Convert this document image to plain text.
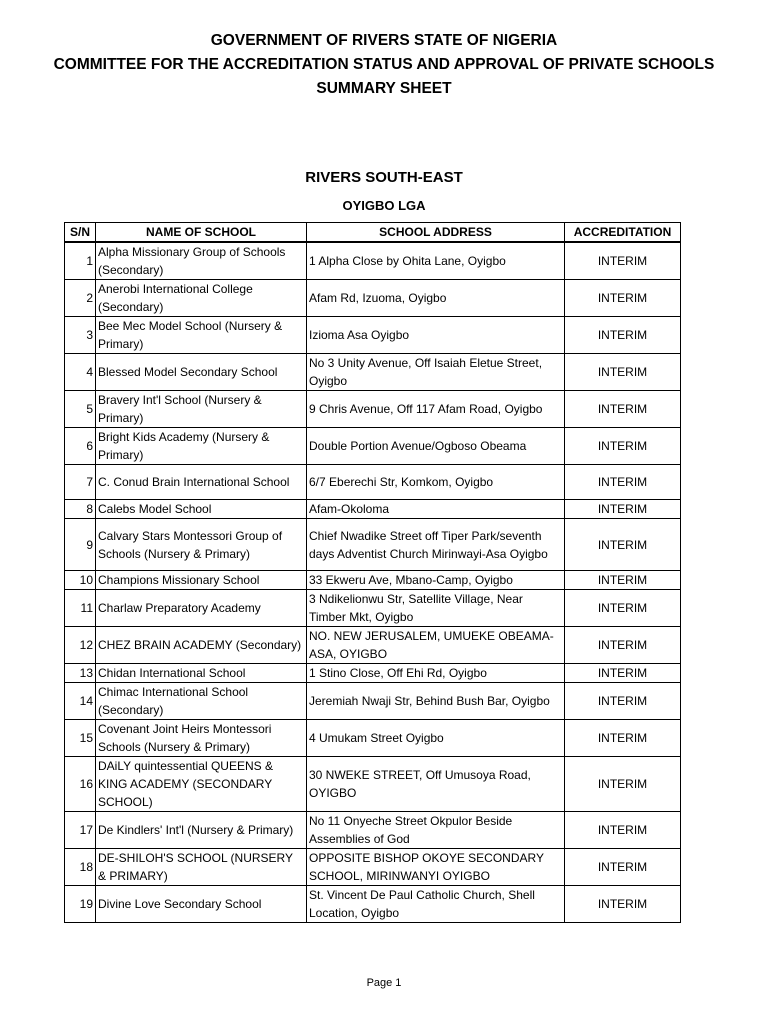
GOVERNMENT OF RIVERS STATE OF NIGERIA
COMMITTEE FOR THE ACCREDITATION STATUS AND APPROVAL OF PRIVATE SCHOOLS
SUMMARY SHEET
RIVERS SOUTH-EAST
OYIGBO LGA
S/N	NAME OF SCHOOL	SCHOOL ADDRESS	ACCREDITATION
1	Alpha Missionary Group of Schools (Secondary)	1 Alpha Close by Ohita Lane, Oyigbo	INTERIM
2	Anerobi International College (Secondary)	Afam Rd, Izuoma, Oyigbo	INTERIM
3	Bee Mec Model School (Nursery & Primary)	Izioma Asa Oyigbo	INTERIM
4	Blessed Model Secondary School	No 3 Unity Avenue, Off Isaiah Eletue Street, Oyigbo	INTERIM
5	Bravery Int'l School (Nursery & Primary)	9 Chris Avenue, Off 117 Afam Road, Oyigbo	INTERIM
6	Bright Kids Academy (Nursery & Primary)	Double Portion Avenue/Ogboso Obeama	INTERIM
7	C. Conud Brain International School	6/7 Eberechi Str, Komkom, Oyigbo	INTERIM
8	Calebs Model School	Afam-Okoloma	INTERIM
9	Calvary Stars Montessori Group of Schools (Nursery & Primary)	Chief Nwadike Street off Tiper Park/seventh days Adventist Church Mirinwayi-Asa Oyigbo	INTERIM
10	Champions Missionary School	33 Ekweru Ave, Mbano-Camp, Oyigbo	INTERIM
11	Charlaw Preparatory Academy	3 Ndikelionwu Str, Satellite Village, Near Timber Mkt, Oyigbo	INTERIM
12	CHEZ BRAIN ACADEMY (Secondary)	NO. NEW JERUSALEM, UMUEKE OBEAMA-ASA, OYIGBO	INTERIM
13	Chidan International School	1 Stino Close, Off Ehi Rd, Oyigbo	INTERIM
14	Chimac International School (Secondary)	Jeremiah Nwaji Str, Behind Bush Bar, Oyigbo	INTERIM
15	Covenant Joint Heirs Montessori Schools (Nursery & Primary)	4 Umukam Street Oyigbo	INTERIM
16	DAiLY quintessential QUEENS & KING ACADEMY (SECONDARY SCHOOL)	30 NWEKE STREET, Off Umusoya Road, OYIGBO	INTERIM
17	De Kindlers' Int'l (Nursery & Primary)	No 11 Onyeche Street Okpulor Beside Assemblies of God	INTERIM
18	DE-SHILOH'S SCHOOL (NURSERY & PRIMARY)	OPPOSITE BISHOP OKOYE SECONDARY SCHOOL, MIRINWANYI OYIGBO	INTERIM
19	Divine Love Secondary School	St. Vincent De Paul Catholic Church, Shell Location, Oyigbo	INTERIM
Page 1
